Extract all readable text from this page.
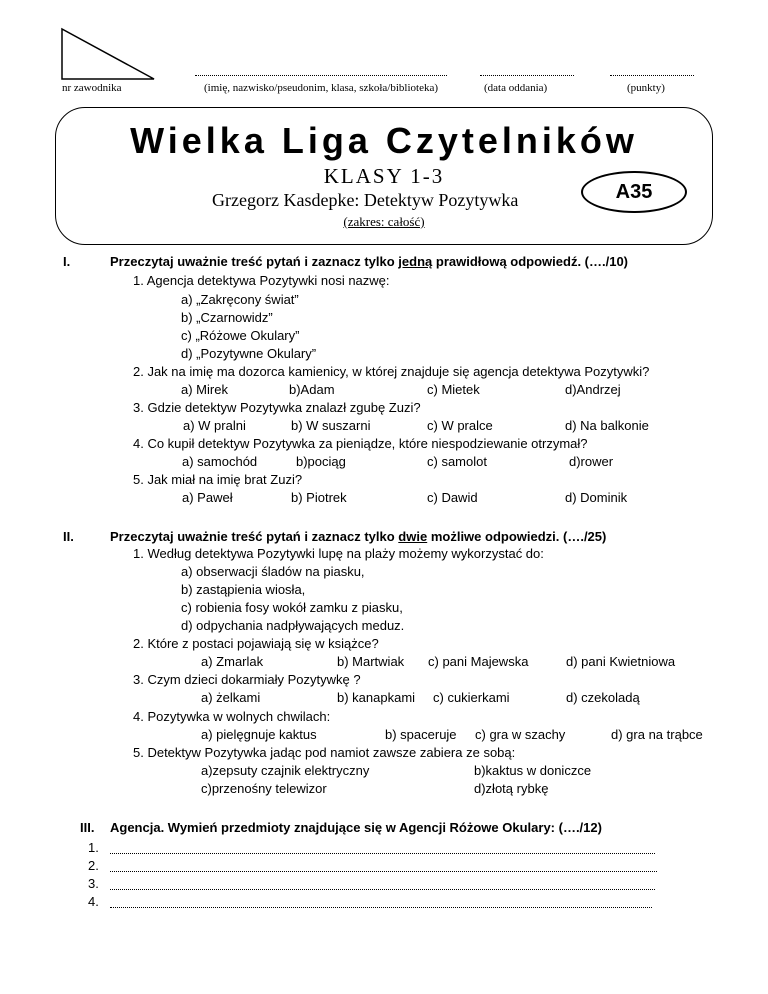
nr zawodnika	(imię, nazwisko/pseudonim, klasa, szkoła/biblioteka)	(data oddania)	(punkty)
Wielka Liga Czytelników
KLASY 1-3
Grzegorz Kasdepke: Detektyw Pozytywka
(zakres: całość)
A35
I.	Przeczytaj uważnie treść pytań i zaznacz tylko jedną prawidłową odpowiedź. (…./10)
1. Agencja detektywa Pozytywki nosi nazwę:
a) „Zakręcony świat”
b) „Czarnowidz”
c) „Różowe Okulary”
d) „Pozytywne Okulary”
2. Jak na imię ma dozorca kamienicy, w której znajduje się agencja detektywa Pozytywki?
a) Mirek	b)Adam	c) Mietek	d)Andrzej
3. Gdzie detektyw Pozytywka znalazł zgubę Zuzi?
a) W pralni	b) W suszarni	c) W pralce	d) Na balkonie
4. Co kupił detektyw Pozytywka za pieniądze, które niespodziewanie otrzymał?
a) samochód	b)pociąg	c) samolot	d)rower
5. Jak miał na imię brat Zuzi?
a) Paweł	b) Piotrek	c) Dawid	d) Dominik
II.	Przeczytaj uważnie treść pytań i zaznacz tylko dwie możliwe odpowiedzi. (…./25)
1. Według detektywa Pozytywki lupę na plaży możemy wykorzystać do:
a) obserwacji śladów na piasku,
b) zastąpienia wiosła,
c) robienia fosy wokół zamku z piasku,
d) odpychania nadpływających meduz.
2. Które z postaci pojawiają się w książce?
a) Zmarlak	b) Martwiak c) pani Majewska	d) pani Kwietniowa
3. Czym dzieci dokarmiały Pozytywkę ?
a) żelkami	b) kanapkami c) cukierkami	d) czekoladą
4. Pozytywka w wolnych chwilach:
a) pielęgnuje kaktus	b) spaceruje c) gra w szachy	d) gra na trąbce
5. Detektyw Pozytywka jadąc pod namiot zawsze zabiera ze sobą:
a)zepsuty czajnik elektryczny	b)kaktus w doniczce
c)przenośny telewizor	d)złotą rybkę
III. Agencja. Wymień przedmioty znajdujące się w Agencji Różowe Okulary: (…./12)
1.
2.
3.
4.
